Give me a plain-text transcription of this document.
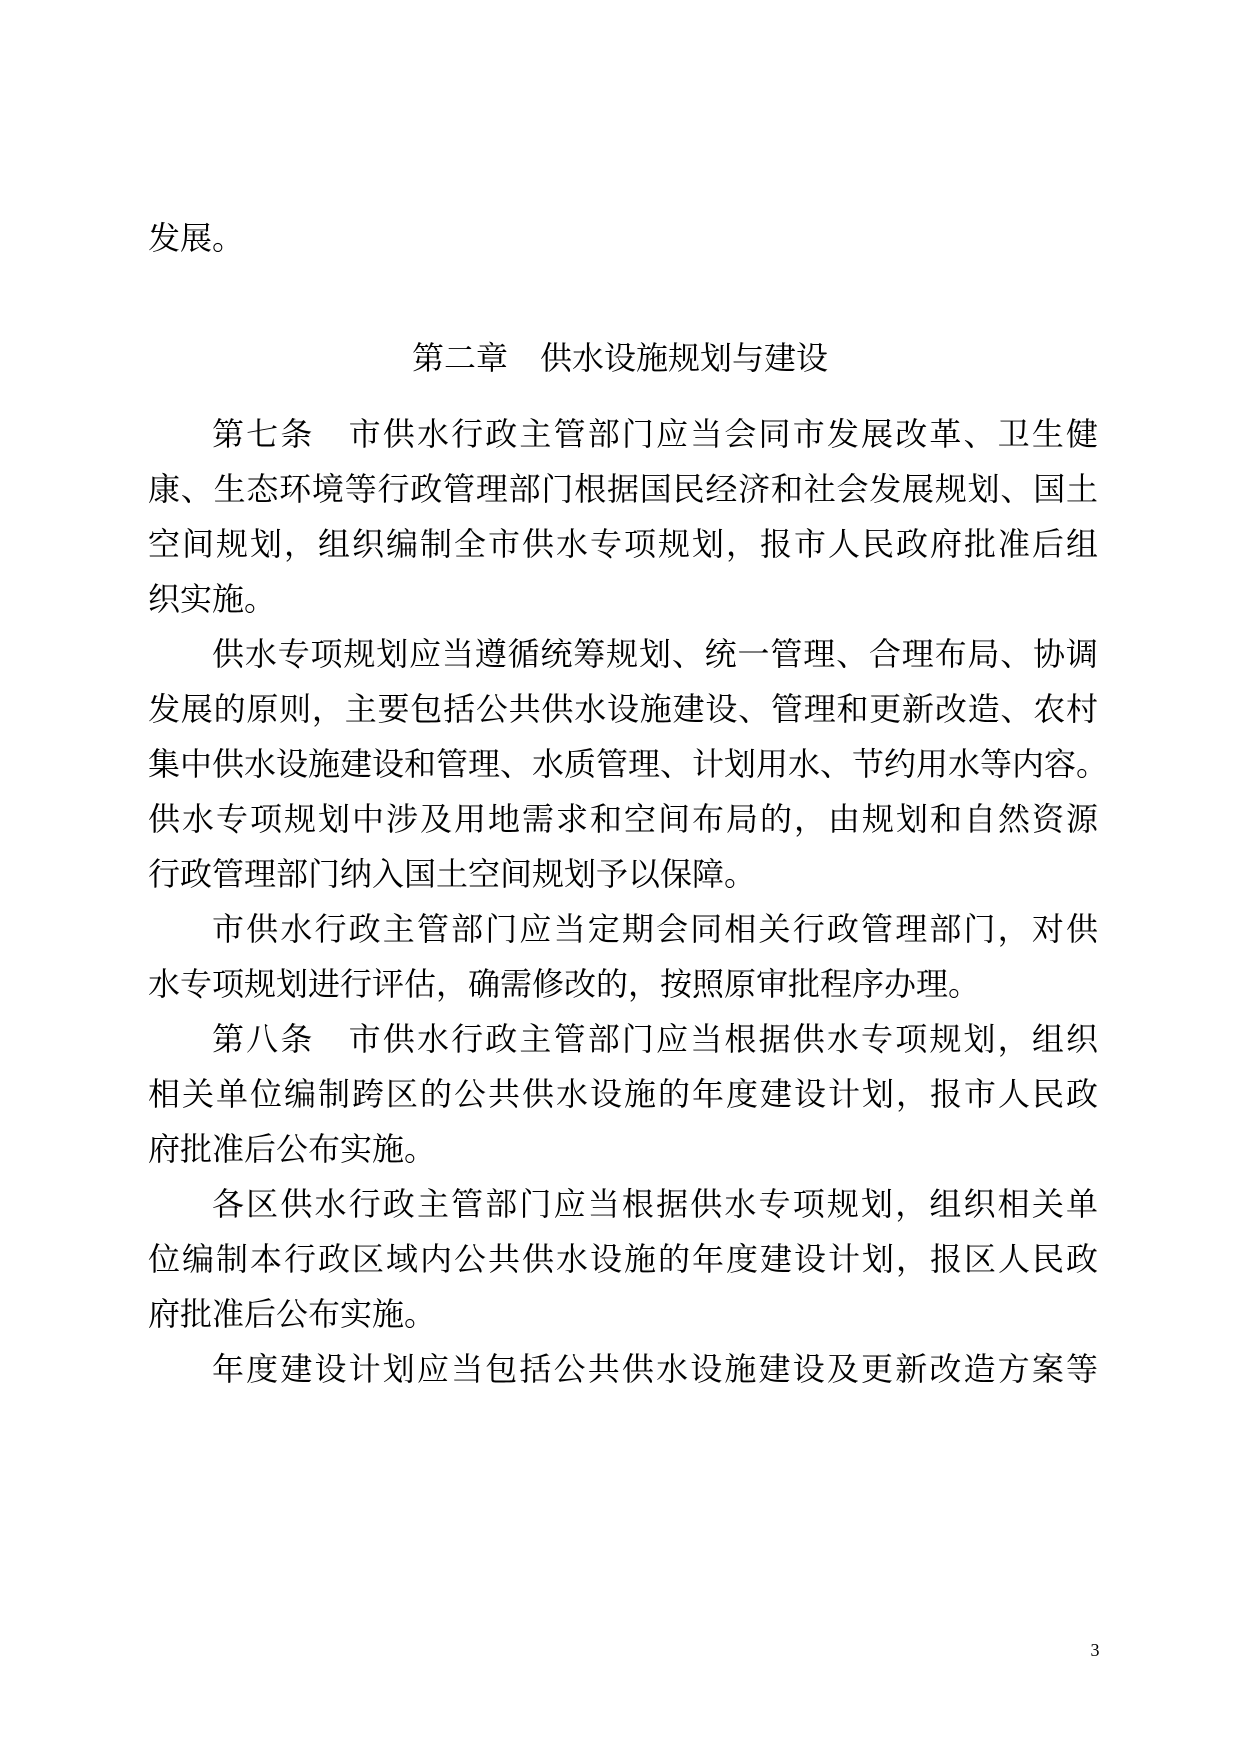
发展。
第二章　供水设施规划与建设
第七条　市供水行政主管部门应当会同市发展改革、卫生健
康、生态环境等行政管理部门根据国民经济和社会发展规划、国土
空间规划，组织编制全市供水专项规划，报市人民政府批准后组
织实施。
供水专项规划应当遵循统筹规划、统一管理、合理布局、协调
发展的原则，主要包括公共供水设施建设、管理和更新改造、农村
集中供水设施建设和管理、水质管理、计划用水、节约用水等内容。
供水专项规划中涉及用地需求和空间布局的，由规划和自然资源
行政管理部门纳入国土空间规划予以保障。
市供水行政主管部门应当定期会同相关行政管理部门，对供
水专项规划进行评估，确需修改的，按照原审批程序办理。
第八条　市供水行政主管部门应当根据供水专项规划，组织
相关单位编制跨区的公共供水设施的年度建设计划，报市人民政
府批准后公布实施。
各区供水行政主管部门应当根据供水专项规划，组织相关单
位编制本行政区域内公共供水设施的年度建设计划，报区人民政
府批准后公布实施。
年度建设计划应当包括公共供水设施建设及更新改造方案等
3
